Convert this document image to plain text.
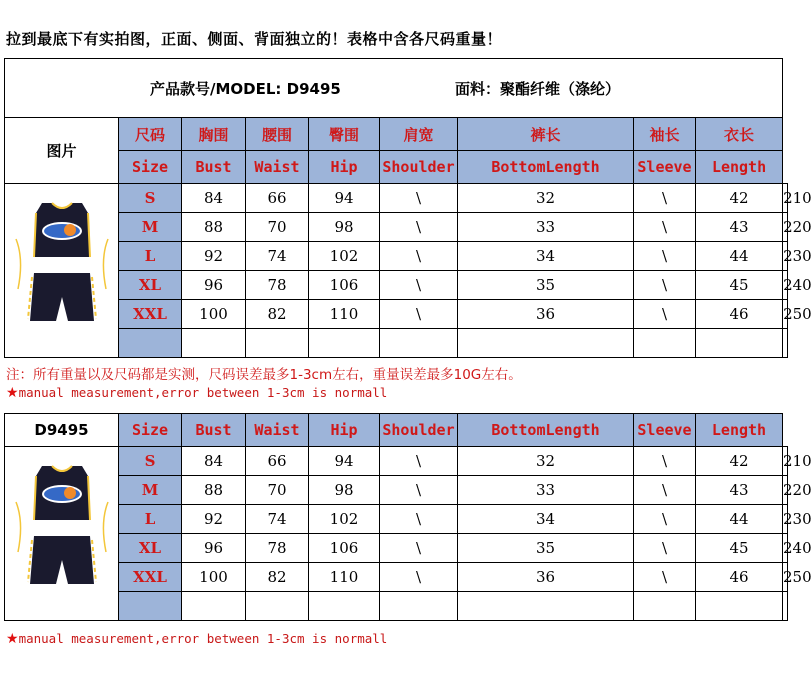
拉到最底下有实拍图，正面、侧面、背面独立的！表格中含各尺码重量！
产品款号/MODEL: D9495 面料：聚酯纤维（涤纶）									

图片	尺码	胸围	腰围	臀围	肩宽	裤长	袖长	衣长	
	Size	Bust	Waist	Hip	Shoulder	BottomLength	Sleeve	Length	
	S	84	66	94	\	32	\	42	210
	M	88	70	98	\	33	\	43	220
	L	92	74	102	\	34	\	44	230
	XL	96	78	106	\	35	\	45	240
	XXL	100	82	110	\	36	\	46	250

注：所有重量以及尺码都是实测，尺码误差最多1-3cm左右，重量误差最多10G左右。
★manual measurement,error between 1-3cm is normall
D9495	Size	Bust	Waist	Hip	Shoulder	BottomLength	Sleeve	Length	
	S	84	66	94	\	32	\	42	210
	M	88	70	98	\	33	\	43	220
	L	92	74	102	\	34	\	44	230
	XL	96	78	106	\	35	\	45	240
	XXL	100	82	110	\	36	\	46	250

★manual measurement,error between 1-3cm is normall
